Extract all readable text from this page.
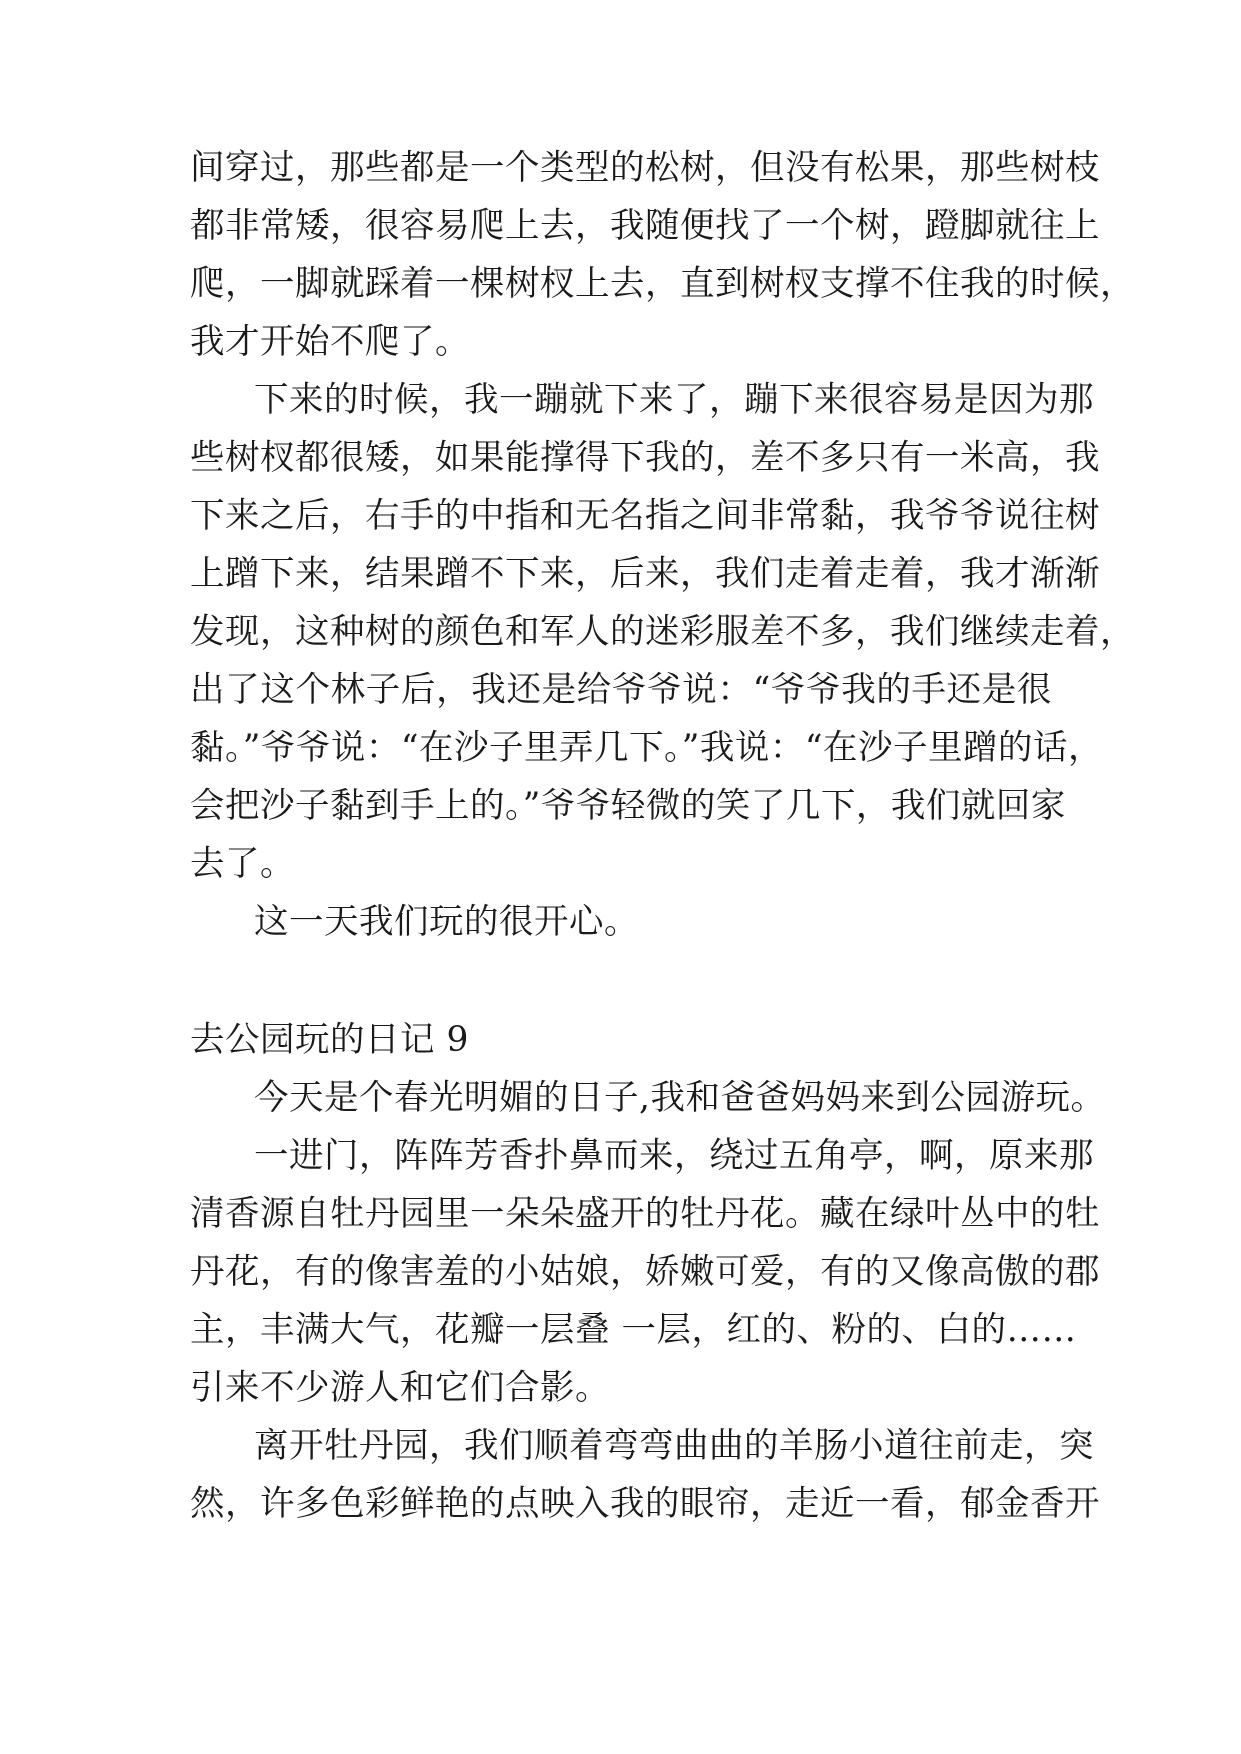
间穿过，那些都是一个类型的松树，但没有松果，那些树枝
都非常矮，很容易爬上去，我随便找了一个树，蹬脚就往上
爬，一脚就踩着一棵树杈上去，直到树杈支撑不住我的时候，
我才开始不爬了。
下来的时候，我一蹦就下来了，蹦下来很容易是因为那
些树杈都很矮，如果能撑得下我的，差不多只有一米高，我
下来之后，右手的中指和无名指之间非常黏，我爷爷说往树
上蹭下来，结果蹭不下来，后来，我们走着走着，我才渐渐
发现，这种树的颜色和军人的迷彩服差不多，我们继续走着，
出了这个林子后，我还是给爷爷说：“爷爷我的手还是很
黏。”爷爷说：“在沙子里弄几下。”我说：“在沙子里蹭的话，
会把沙子黏到手上的。”爷爷轻微的笑了几下，我们就回家
去了。
这一天我们玩的很开心。
去公园玩的日记 9
今天是个春光明媚的日子,我和爸爸妈妈来到公园游玩。
一进门，阵阵芳香扑鼻而来，绕过五角亭，啊，原来那
清香源自牡丹园里一朵朵盛开的牡丹花。藏在绿叶丛中的牡
丹花，有的像害羞的小姑娘，娇嫩可爱，有的又像高傲的郡
主，丰满大气，花瓣一层叠 一层，红的、粉的、白的……
引来不少游人和它们合影。
离开牡丹园，我们顺着弯弯曲曲的羊肠小道往前走，突
然，许多色彩鲜艳的点映入我的眼帘，走近一看，郁金香开
